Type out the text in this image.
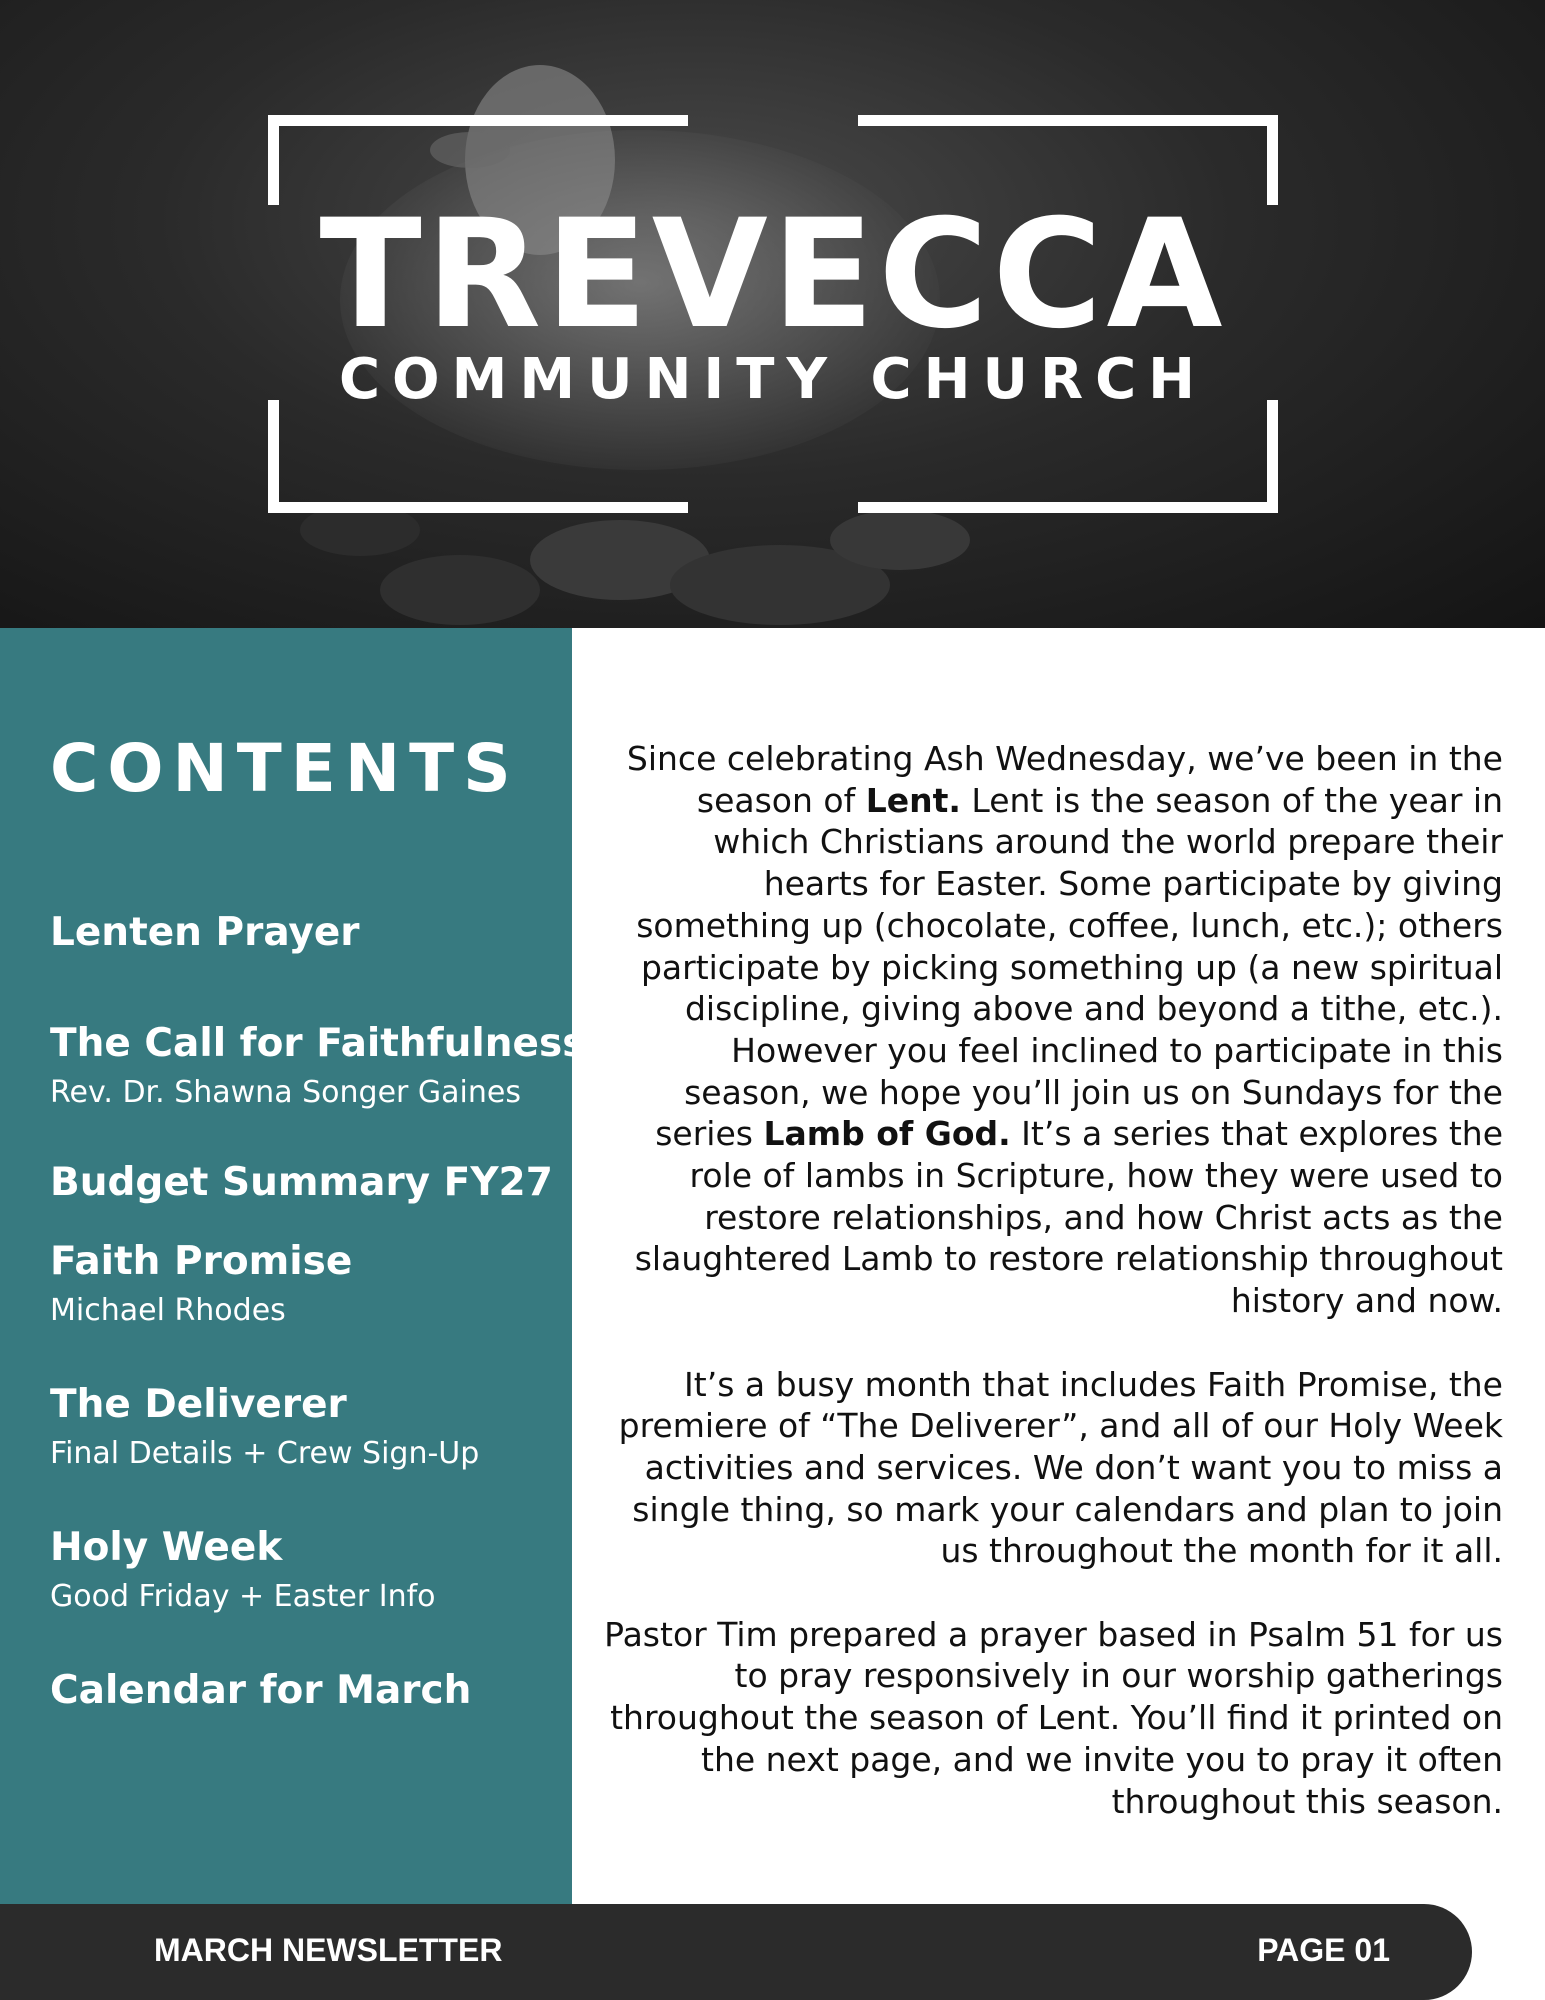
TREVECCA
COMMUNITY CHURCH
CONTENTS
Lenten Prayer
The Call for Faithfulness
Rev. Dr. Shawna Songer Gaines
Budget Summary FY27
Faith Promise
Michael Rhodes
The Deliverer
Final Details + Crew Sign-Up
Holy Week
Good Friday + Easter Info
Calendar for March

Since celebrating Ash Wednesday, we’ve been in the season of Lent. Lent is the season of the year in which Christians around the world prepare their hearts for Easter. Some participate by giving something up (chocolate, coffee, lunch, etc.); others participate by picking something up (a new spiritual discipline, giving above and beyond a tithe, etc.). However you feel inclined to participate in this season, we hope you’ll join us on Sundays for the series Lamb of God. It’s a series that explores the role of lambs in Scripture, how they were used to restore relationships, and how Christ acts as the slaughtered Lamb to restore relationship throughout history and now.

It’s a busy month that includes Faith Promise, the premiere of “The Deliverer”, and all of our Holy Week activities and services. We don’t want you to miss a single thing, so mark your calendars and plan to join us throughout the month for it all.

Pastor Tim prepared a prayer based in Psalm 51 for us to pray responsively in our worship gatherings throughout the season of Lent. You’ll find it printed on the next page, and we invite you to pray it often throughout this season.

MARCH NEWSLETTER	PAGE 01
